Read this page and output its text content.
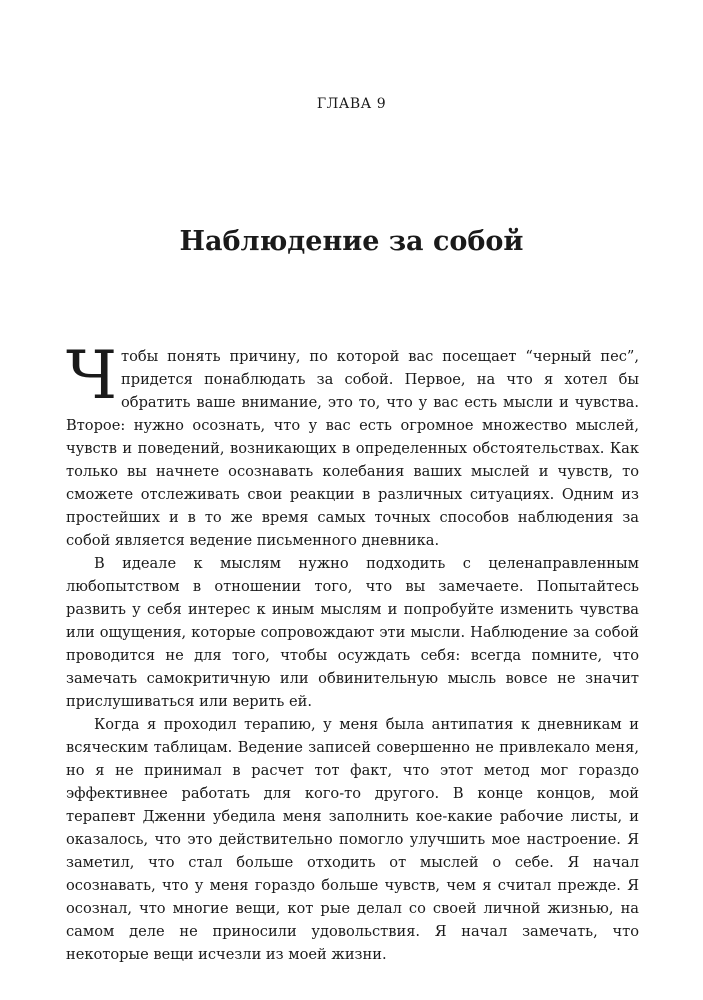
ГЛАВА 9
Наблюдение за собой

Чтобы понять причину, по которой вас посещает “черный пес”, придется понаблюдать за собой. Первое, на что я хотел бы обратить ваше внимание, это то, что у вас есть мысли и чувства. Второе: нужно осознать, что у вас есть огромное множество мыслей, чувств и поведений, возникающих в определенных обстоятельствах. Как только вы начнете осознавать колебания ваших мыслей и чувств, то сможете отслеживать свои реакции в различных ситуациях. Одним из простейших и в то же время самых точных способов наблюдения за собой является ведение письменного дневника.

В идеале к мыслям нужно подходить с целенаправленным любопытством в отношении того, что вы замечаете. Попытайтесь развить у себя интерес к иным мыслям и попробуйте изменить чувства или ощущения, которые сопровождают эти мысли. Наблюдение за собой проводится не для того, чтобы осуждать себя: всегда помните, что замечать самокритичную или обвинительную мысль вовсе не значит прислушиваться или верить ей.

Когда я проходил терапию, у меня была антипатия к дневникам и всяческим таблицам. Ведение записей совершенно не привлекало меня, но я не принимал в расчет тот факт, что этот метод мог гораздо эффективнее работать для кого-то другого. В конце концов, мой терапевт Дженни убедила меня заполнить кое-какие рабочие листы, и оказалось, что это действительно помогло улучшить мое настроение. Я заметил, что стал больше отходить от мыслей о себе. Я начал осознавать, что у меня гораздо больше чувств, чем я считал прежде. Я осознал, что многие вещи, кот рые делал со своей личной жизнью, на самом деле не приносили удовольствия. Я начал замечать, что некоторые вещи исчезли из моей жизни.
